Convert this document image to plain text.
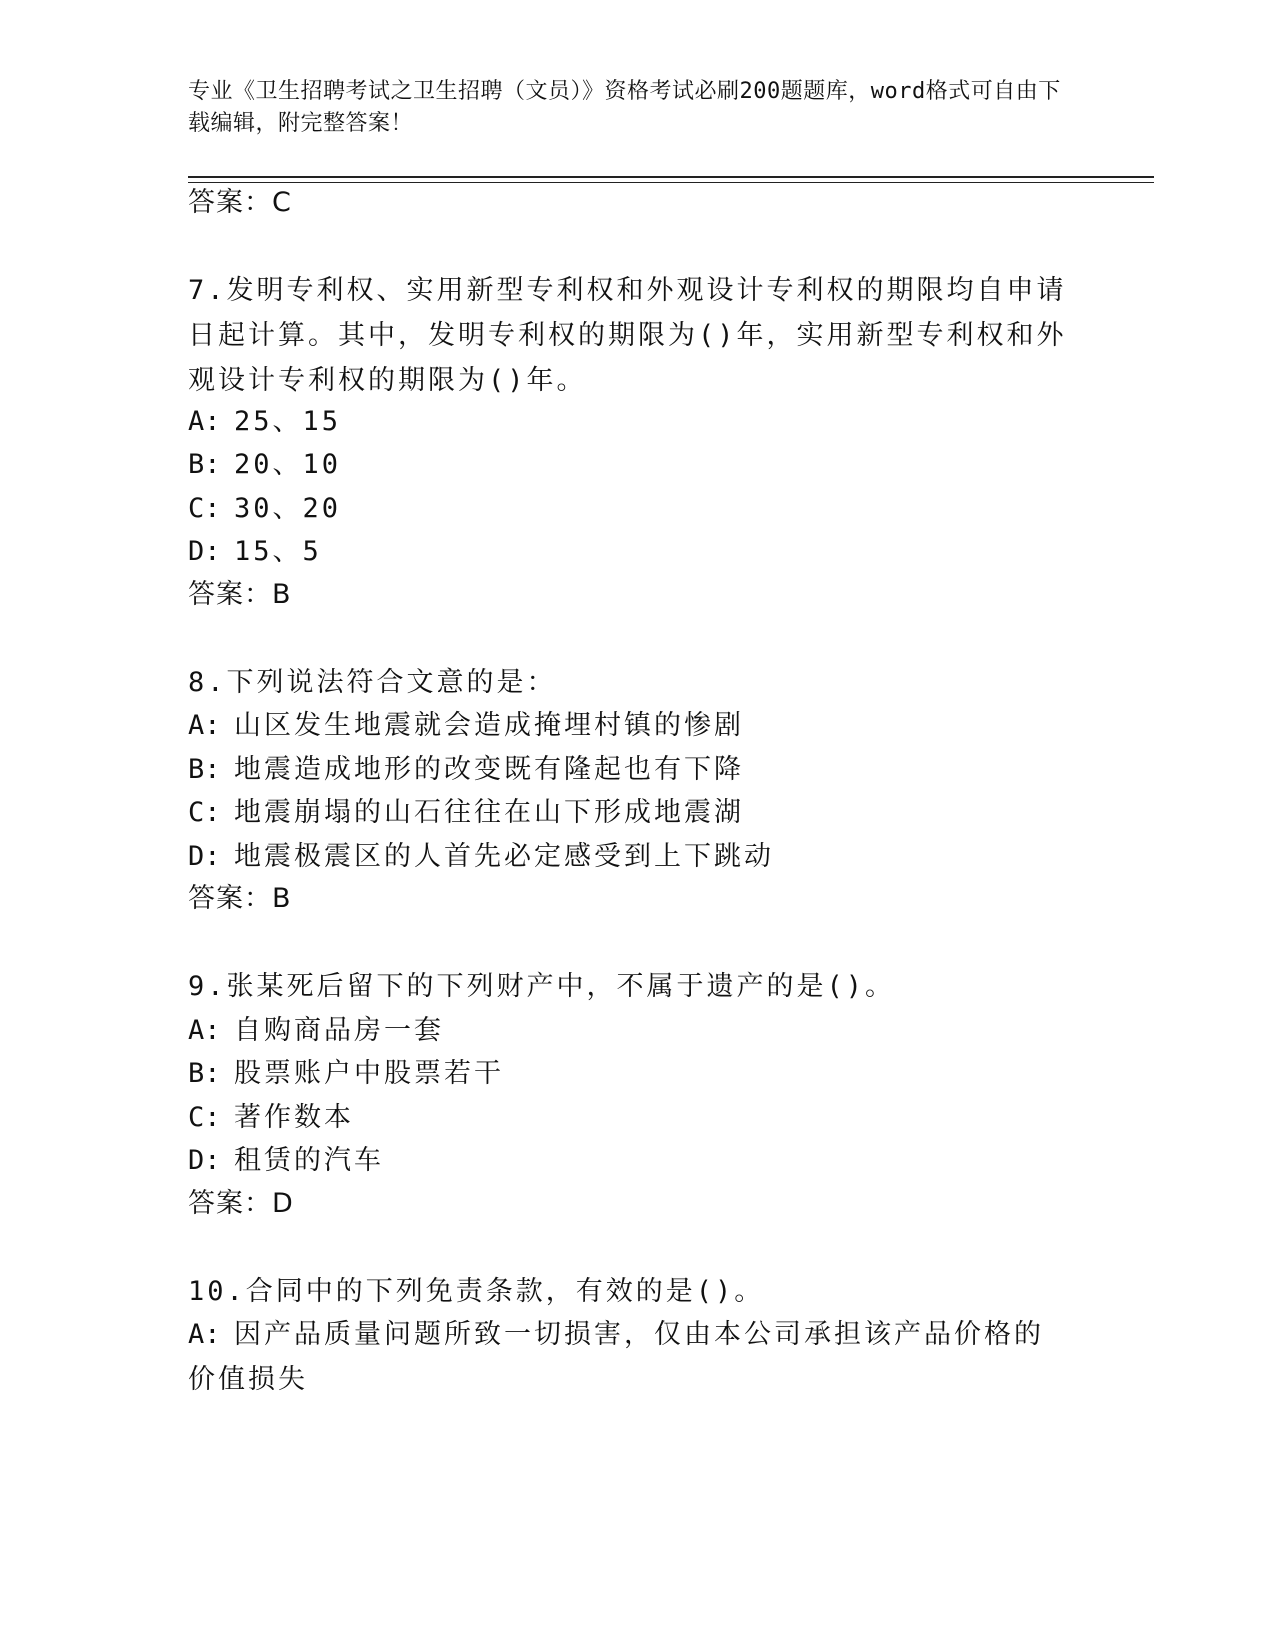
专业《卫生招聘考试之卫生招聘（文员）》资格考试必刷200题题库，word格式可自由下载编辑，附完整答案！
答案：C
7.发明专利权、实用新型专利权和外观设计专利权的期限均自申请日起计算。其中，发明专利权的期限为()年，实用新型专利权和外观设计专利权的期限为()年。
A: 25、15
B: 20、10
C: 30、20
D: 15、5
答案：B
8.下列说法符合文意的是：
A: 山区发生地震就会造成掩埋村镇的惨剧
B: 地震造成地形的改变既有隆起也有下降
C: 地震崩塌的山石往往在山下形成地震湖
D: 地震极震区的人首先必定感受到上下跳动
答案：B
9.张某死后留下的下列财产中，不属于遗产的是()。
A: 自购商品房一套
B: 股票账户中股票若干
C: 著作数本
D: 租赁的汽车
答案：D
10.合同中的下列免责条款，有效的是()。
A: 因产品质量问题所致一切损害，仅由本公司承担该产品价格的价值损失
